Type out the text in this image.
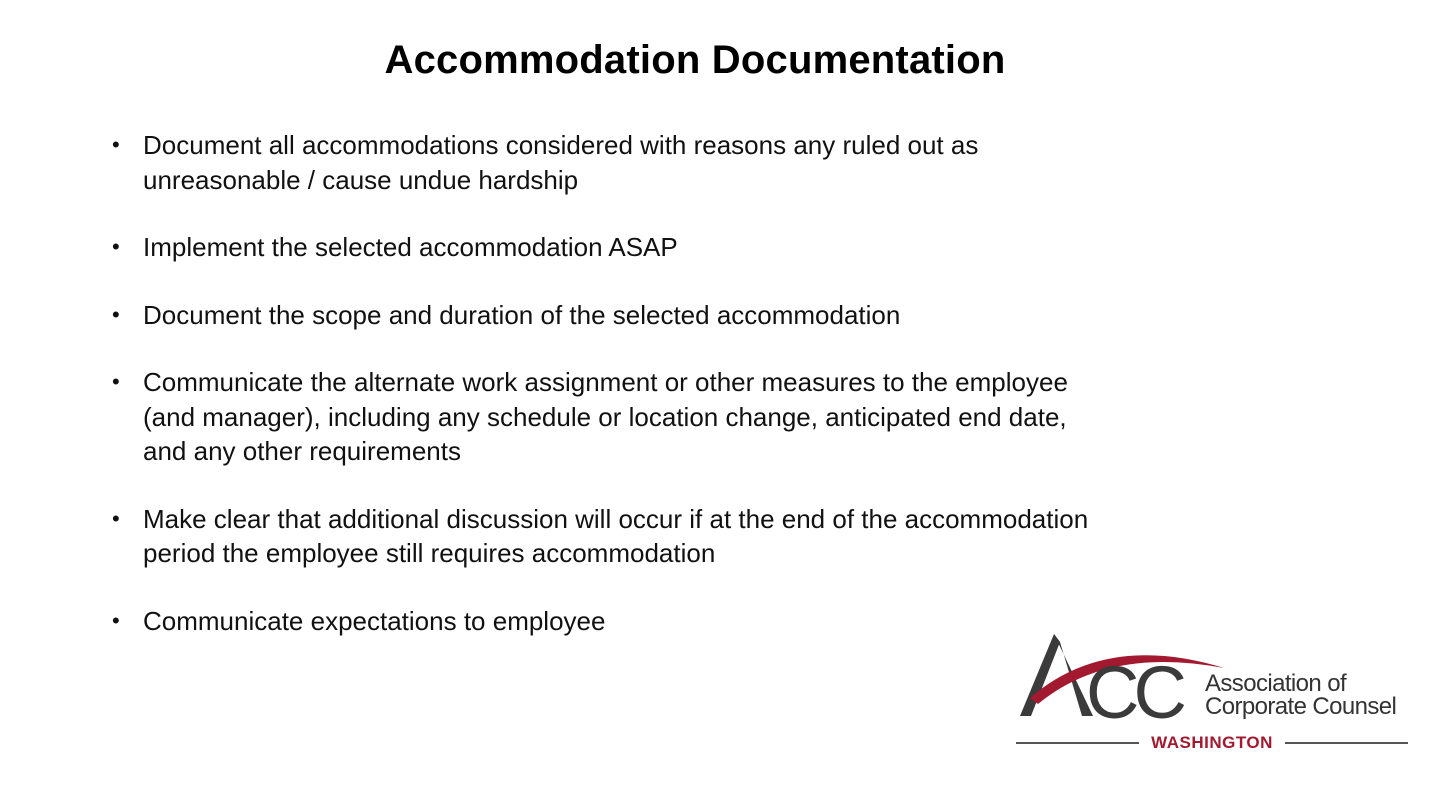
Accommodation Documentation
• Document all accommodations considered with reasons any ruled out as unreasonable / cause undue hardship
• Implement the selected accommodation ASAP
• Document the scope and duration of the selected accommodation
• Communicate the alternate work assignment or other measures to the employee (and manager), including any schedule or location change, anticipated end date, and any other requirements
• Make clear that additional discussion will occur if at the end of the accommodation period the employee still requires accommodation
• Communicate expectations to employee
CC Association of
Corporate Counsel
WASHINGTON
